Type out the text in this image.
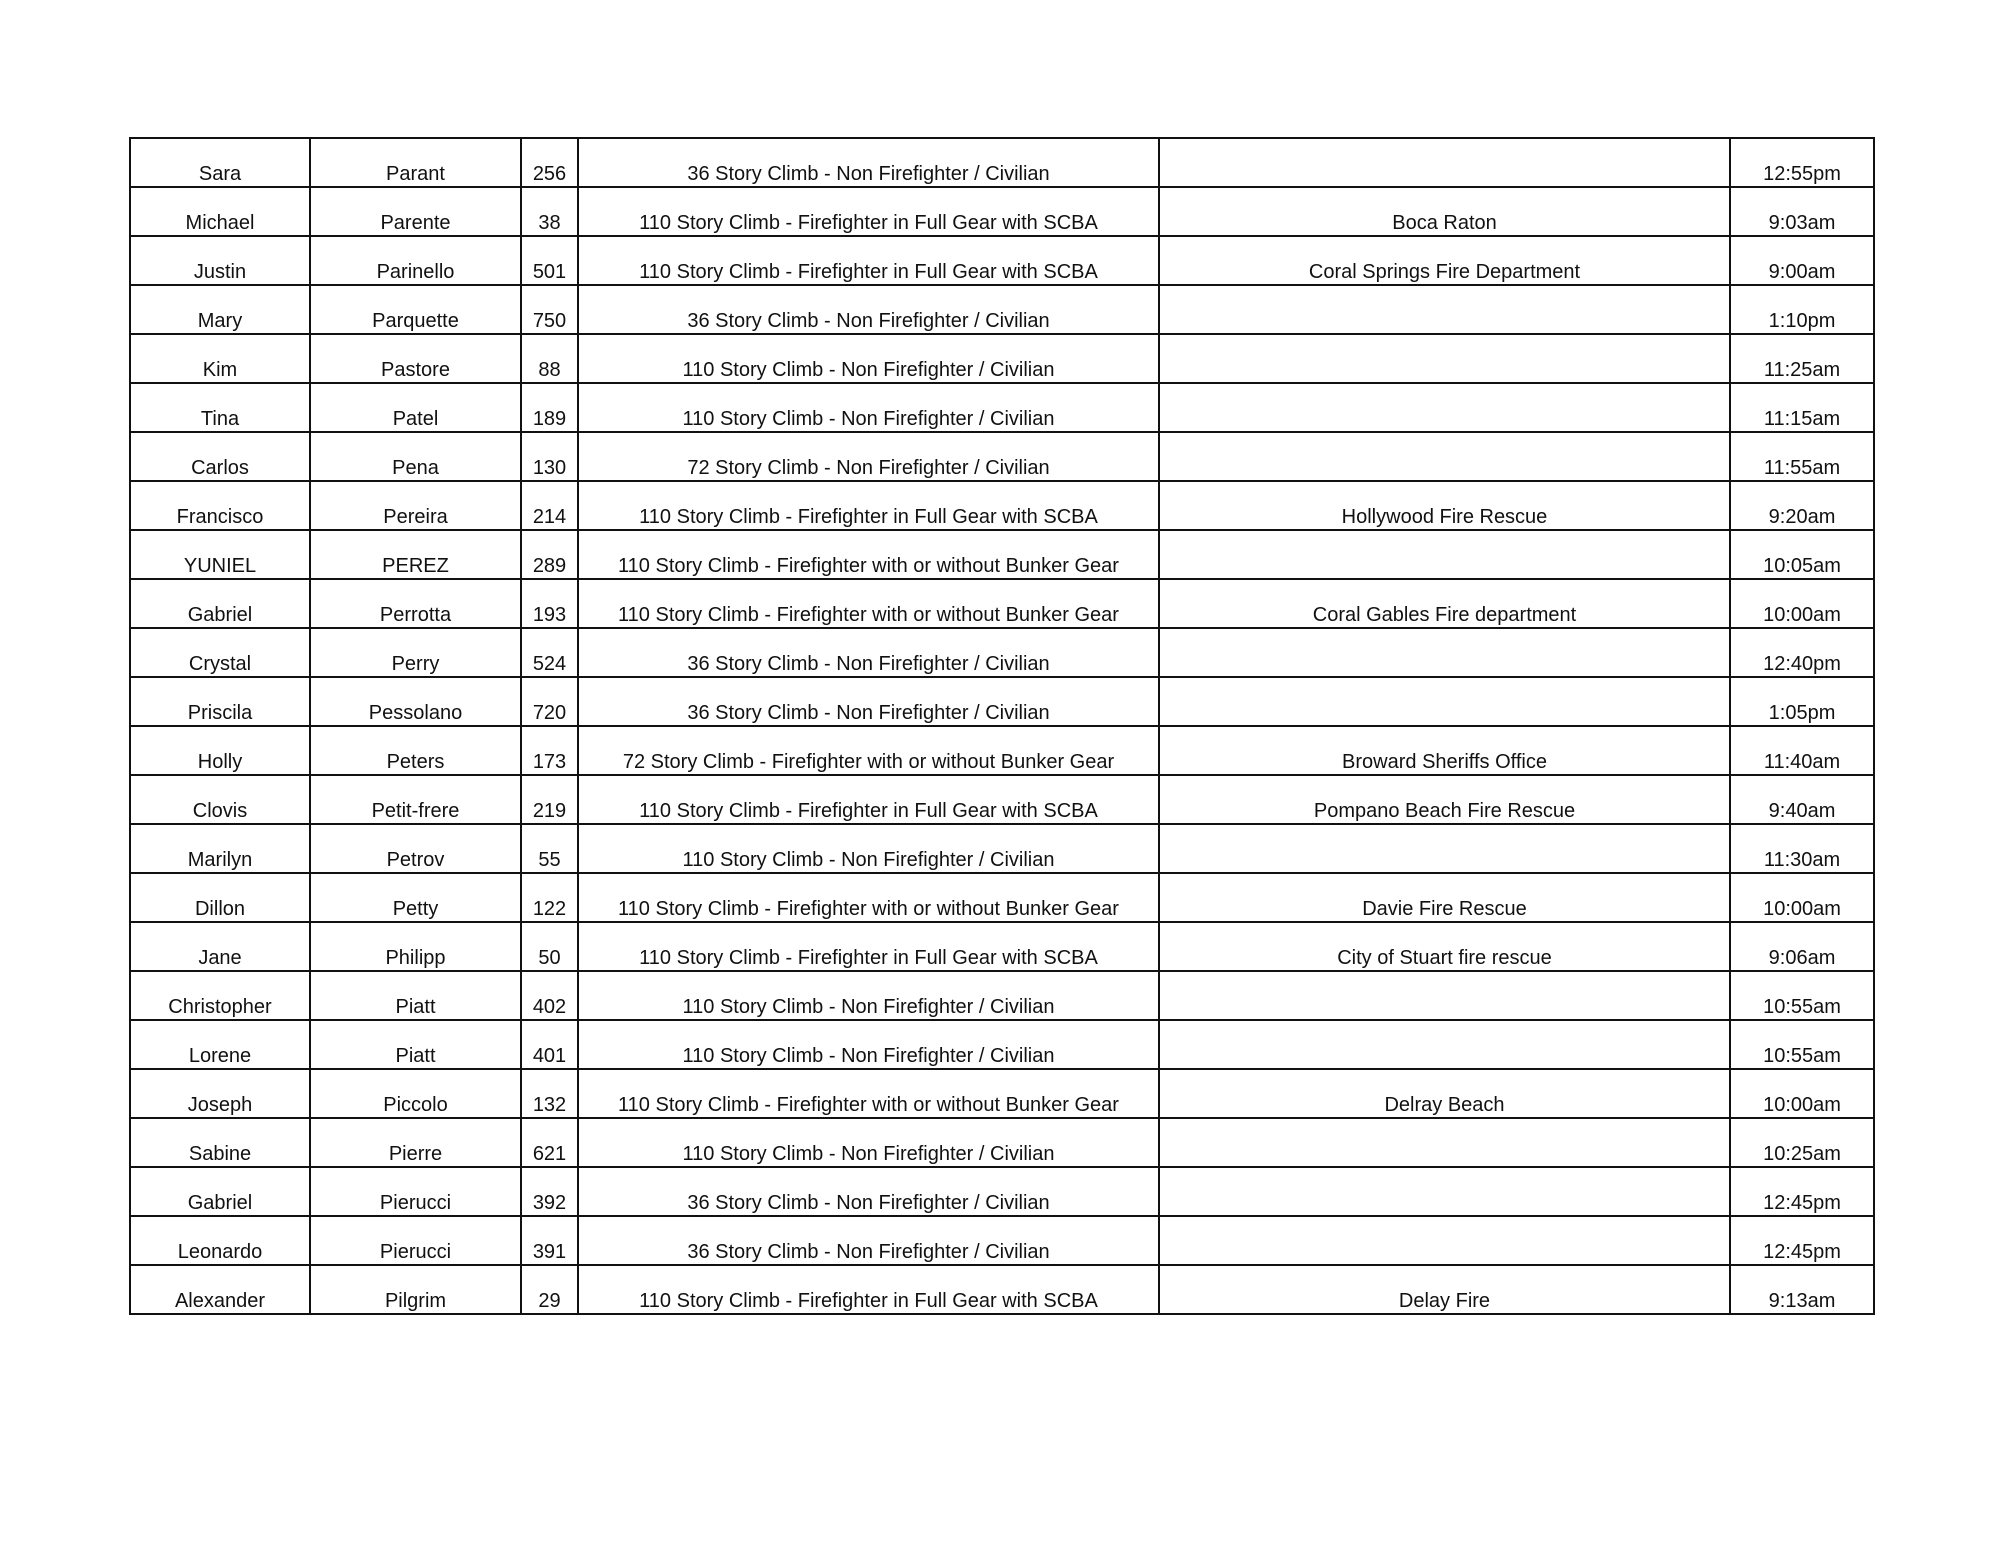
Sara	Parant	256	36 Story Climb - Non Firefighter / Civilian		12:55pm
Michael	Parente	38	110 Story Climb - Firefighter in Full Gear with SCBA	Boca Raton	9:03am
Justin	Parinello	501	110 Story Climb - Firefighter in Full Gear with SCBA	Coral Springs Fire Department	9:00am
Mary	Parquette	750	36 Story Climb - Non Firefighter / Civilian		1:10pm
Kim	Pastore	88	110 Story Climb - Non Firefighter / Civilian		11:25am
Tina	Patel	189	110 Story Climb - Non Firefighter / Civilian		11:15am
Carlos	Pena	130	72 Story Climb - Non Firefighter / Civilian		11:55am
Francisco	Pereira	214	110 Story Climb - Firefighter in Full Gear with SCBA	Hollywood Fire Rescue	9:20am
YUNIEL	PEREZ	289	110 Story Climb - Firefighter with or without Bunker Gear		10:05am
Gabriel	Perrotta	193	110 Story Climb - Firefighter with or without Bunker Gear	Coral Gables Fire department	10:00am
Crystal	Perry	524	36 Story Climb - Non Firefighter / Civilian		12:40pm
Priscila	Pessolano	720	36 Story Climb - Non Firefighter / Civilian		1:05pm
Holly	Peters	173	72 Story Climb - Firefighter with or without Bunker Gear	Broward Sheriffs Office	11:40am
Clovis	Petit-frere	219	110 Story Climb - Firefighter in Full Gear with SCBA	Pompano Beach Fire Rescue	9:40am
Marilyn	Petrov	55	110 Story Climb - Non Firefighter / Civilian		11:30am
Dillon	Petty	122	110 Story Climb - Firefighter with or without Bunker Gear	Davie Fire Rescue	10:00am
Jane	Philipp	50	110 Story Climb - Firefighter in Full Gear with SCBA	City of Stuart fire rescue	9:06am
Christopher	Piatt	402	110 Story Climb - Non Firefighter / Civilian		10:55am
Lorene	Piatt	401	110 Story Climb - Non Firefighter / Civilian		10:55am
Joseph	Piccolo	132	110 Story Climb - Firefighter with or without Bunker Gear	Delray Beach	10:00am
Sabine	Pierre	621	110 Story Climb - Non Firefighter / Civilian		10:25am
Gabriel	Pierucci	392	36 Story Climb - Non Firefighter / Civilian		12:45pm
Leonardo	Pierucci	391	36 Story Climb - Non Firefighter / Civilian		12:45pm
Alexander	Pilgrim	29	110 Story Climb - Firefighter in Full Gear with SCBA	Delay Fire	9:13am
